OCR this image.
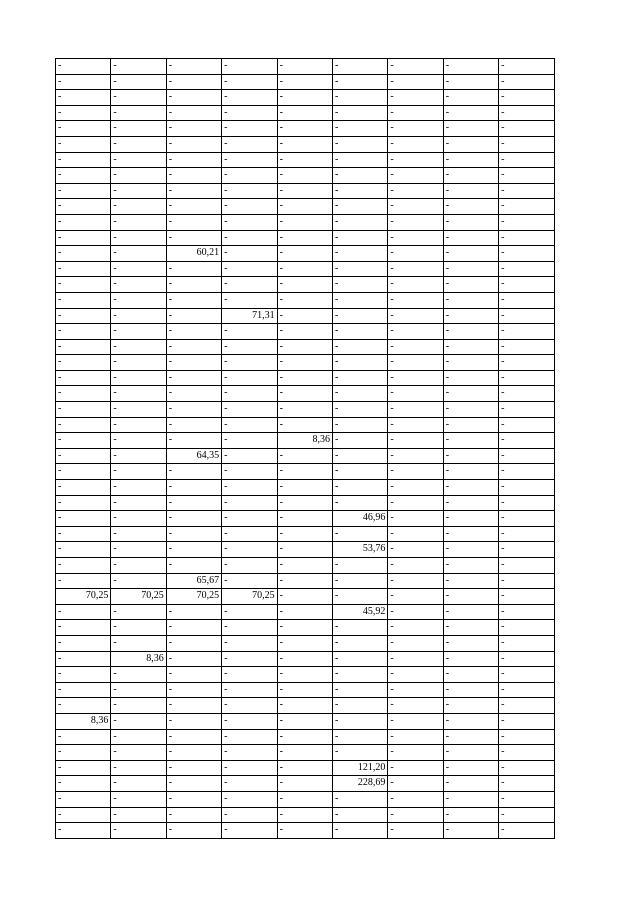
-	-	-	-	-	-	-	-	-
-	-	-	-	-	-	-	-	-
-	-	-	-	-	-	-	-	-
-	-	-	-	-	-	-	-	-
-	-	-	-	-	-	-	-	-
-	-	-	-	-	-	-	-	-
-	-	-	-	-	-	-	-	-
-	-	-	-	-	-	-	-	-
-	-	-	-	-	-	-	-	-
-	-	-	-	-	-	-	-	-
-	-	-	-	-	-	-	-	-
-	-	-	-	-	-	-	-	-
-	-	60,21	-	-	-	-	-	-
-	-	-	-	-	-	-	-	-
-	-	-	-	-	-	-	-	-
-	-	-	-	-	-	-	-	-
-	-	-	71,31	-	-	-	-	-
-	-	-	-	-	-	-	-	-
-	-	-	-	-	-	-	-	-
-	-	-	-	-	-	-	-	-
-	-	-	-	-	-	-	-	-
-	-	-	-	-	-	-	-	-
-	-	-	-	-	-	-	-	-
-	-	-	-	-	-	-	-	-
-	-	-	-	8,36	-	-	-	-
-	-	64,35	-	-	-	-	-	-
-	-	-	-	-	-	-	-	-
-	-	-	-	-	-	-	-	-
-	-	-	-	-	-	-	-	-
-	-	-	-	-	46,96	-	-	-
-	-	-	-	-	-	-	-	-
-	-	-	-	-	53,76	-	-	-
-	-	-	-	-	-	-	-	-
-	-	65,67	-	-	-	-	-	-
70,25	70,25	70,25	70,25	-	-	-	-	-
-	-	-	-	-	45,92	-	-	-
-	-	-	-	-	-	-	-	-
-	-	-	-	-	-	-	-	-
-	8,36	-	-	-	-	-	-	-
-	-	-	-	-	-	-	-	-
-	-	-	-	-	-	-	-	-
-	-	-	-	-	-	-	-	-
8,36	-	-	-	-	-	-	-	-
-	-	-	-	-	-	-	-	-
-	-	-	-	-	-	-	-	-
-	-	-	-	-	121,20	-	-	-
-	-	-	-	-	228,69	-	-	-
-	-	-	-	-	-	-	-	-
-	-	-	-	-	-	-	-	-
-	-	-	-	-	-	-	-	-
